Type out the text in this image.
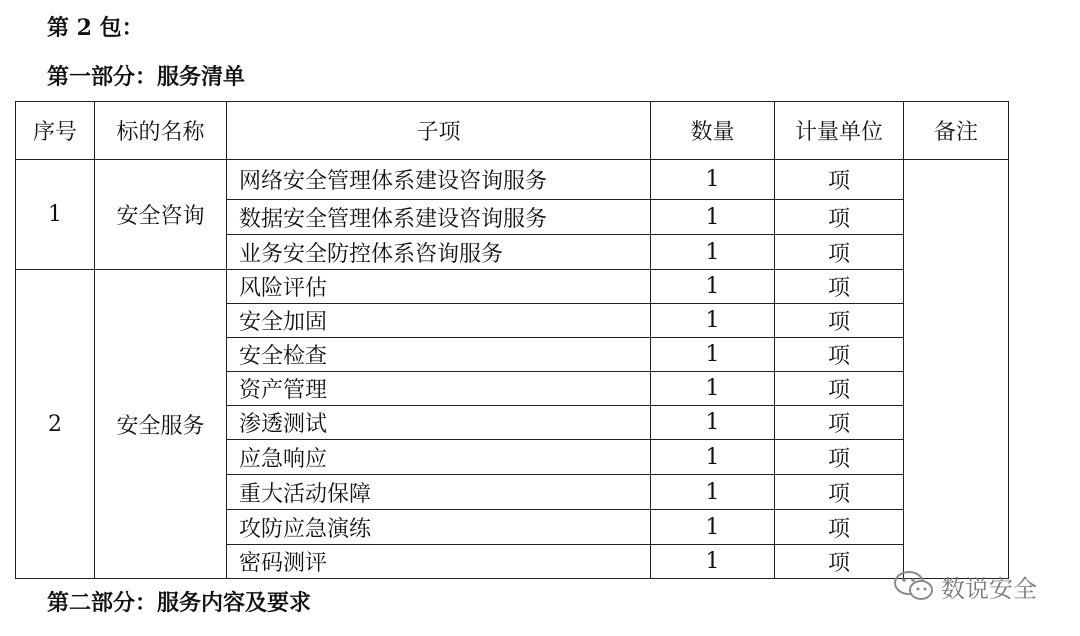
第 2 包：
第一部分：服务清单
序号	标的名称	子项	数量	计量单位	备注
1	安全咨询	网络安全管理体系建设咨询服务	1	项	
		数据安全管理体系建设咨询服务	1	项	
		业务安全防控体系咨询服务	1	项	
2	安全服务	风险评估	1	项	
		安全加固	1	项	
		安全检查	1	项	
		资产管理	1	项	
		渗透测试	1	项	
		应急响应	1	项	
		重大活动保障	1	项	
		攻防应急演练	1	项	
		密码测评	1	项	
第二部分：服务内容及要求
数说安全
